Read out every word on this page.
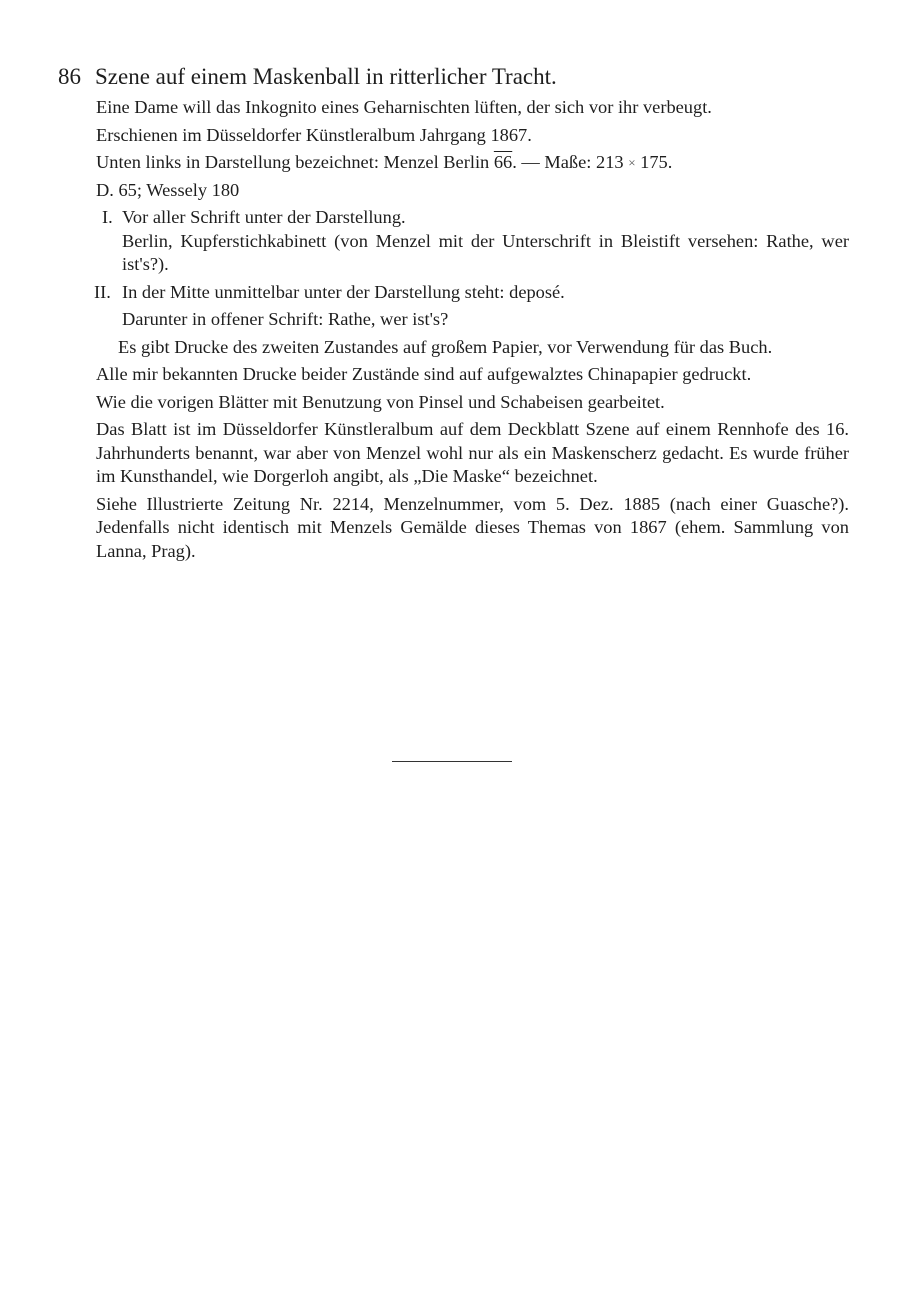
86 Szene auf einem Maskenball in ritterlicher Tracht.

Eine Dame will das Inkognito eines Geharnischten lüften, der sich vor ihr verbeugt.

Erschienen im Düsseldorfer Künstleralbum Jahrgang 1867.

Unten links in Darstellung bezeichnet: Menzel Berlin 66. — Maße: 213 × 175.

D. 65; Wessely 180

I. Vor aller Schrift unter der Darstellung.
Berlin, Kupferstichkabinett (von Menzel mit der Unterschrift in Bleistift versehen: Rathe, wer ist's?).
II. In der Mitte unmittelbar unter der Darstellung steht: deposé.
Darunter in offener Schrift: Rathe, wer ist's?
Es gibt Drucke des zweiten Zustandes auf großem Papier, vor Verwendung für das Buch.

Alle mir bekannten Drucke beider Zustände sind auf aufgewalztes Chinapapier gedruckt.

Wie die vorigen Blätter mit Benutzung von Pinsel und Schabeisen gearbeitet.

Das Blatt ist im Düsseldorfer Künstleralbum auf dem Deckblatt Szene auf einem Rennhofe des 16. Jahrhunderts benannt, war aber von Menzel wohl nur als ein Maskenscherz gedacht. Es wurde früher im Kunsthandel, wie Dorgerloh angibt, als „Die Maske“ bezeichnet.

Siehe Illustrierte Zeitung Nr. 2214, Menzelnummer, vom 5. Dez. 1885 (nach einer Guasche?). Jedenfalls nicht identisch mit Menzels Gemälde dieses Themas von 1867 (ehem. Sammlung von Lanna, Prag).
